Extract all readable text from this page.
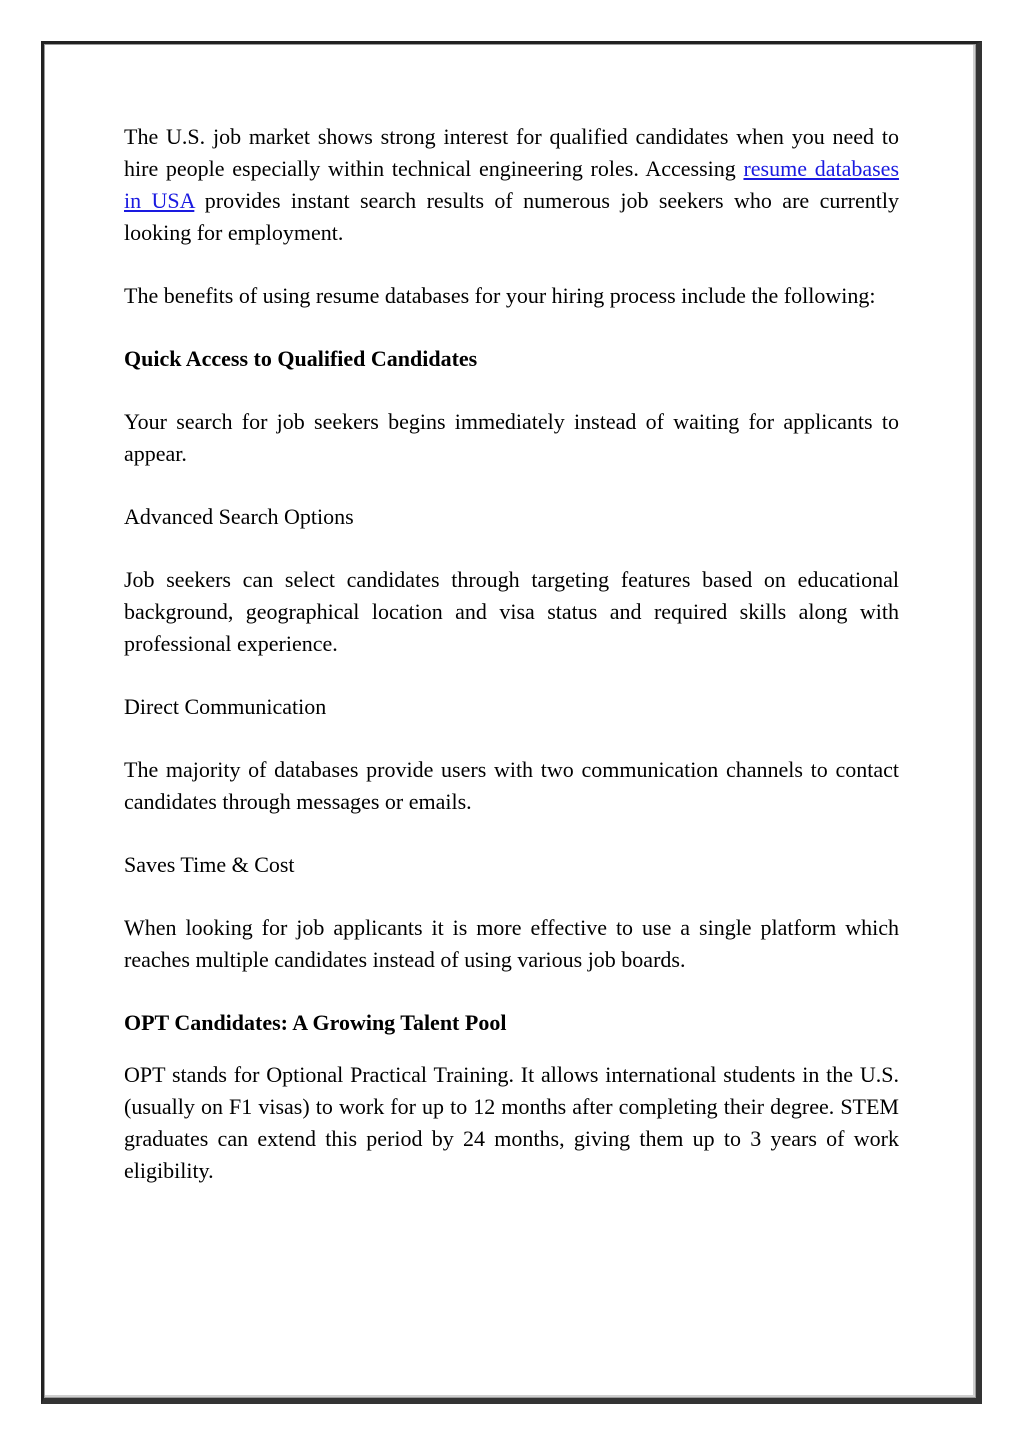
The U.S. job market shows strong interest for qualified candidates when you need to hire people especially within technical engineering roles. Accessing resume databases in USA provides instant search results of numerous job seekers who are currently looking for employment.

The benefits of using resume databases for your hiring process include the following:

Quick Access to Qualified Candidates

Your search for job seekers begins immediately instead of waiting for applicants to appear.

Advanced Search Options

Job seekers can select candidates through targeting features based on educational background, geographical location and visa status and required skills along with professional experience.

Direct Communication

The majority of databases provide users with two communication channels to contact candidates through messages or emails.

Saves Time & Cost

When looking for job applicants it is more effective to use a single platform which reaches multiple candidates instead of using various job boards.

OPT Candidates: A Growing Talent Pool

OPT stands for Optional Practical Training. It allows international students in the U.S. (usually on F1 visas) to work for up to 12 months after completing their degree. STEM graduates can extend this period by 24 months, giving them up to 3 years of work eligibility.
